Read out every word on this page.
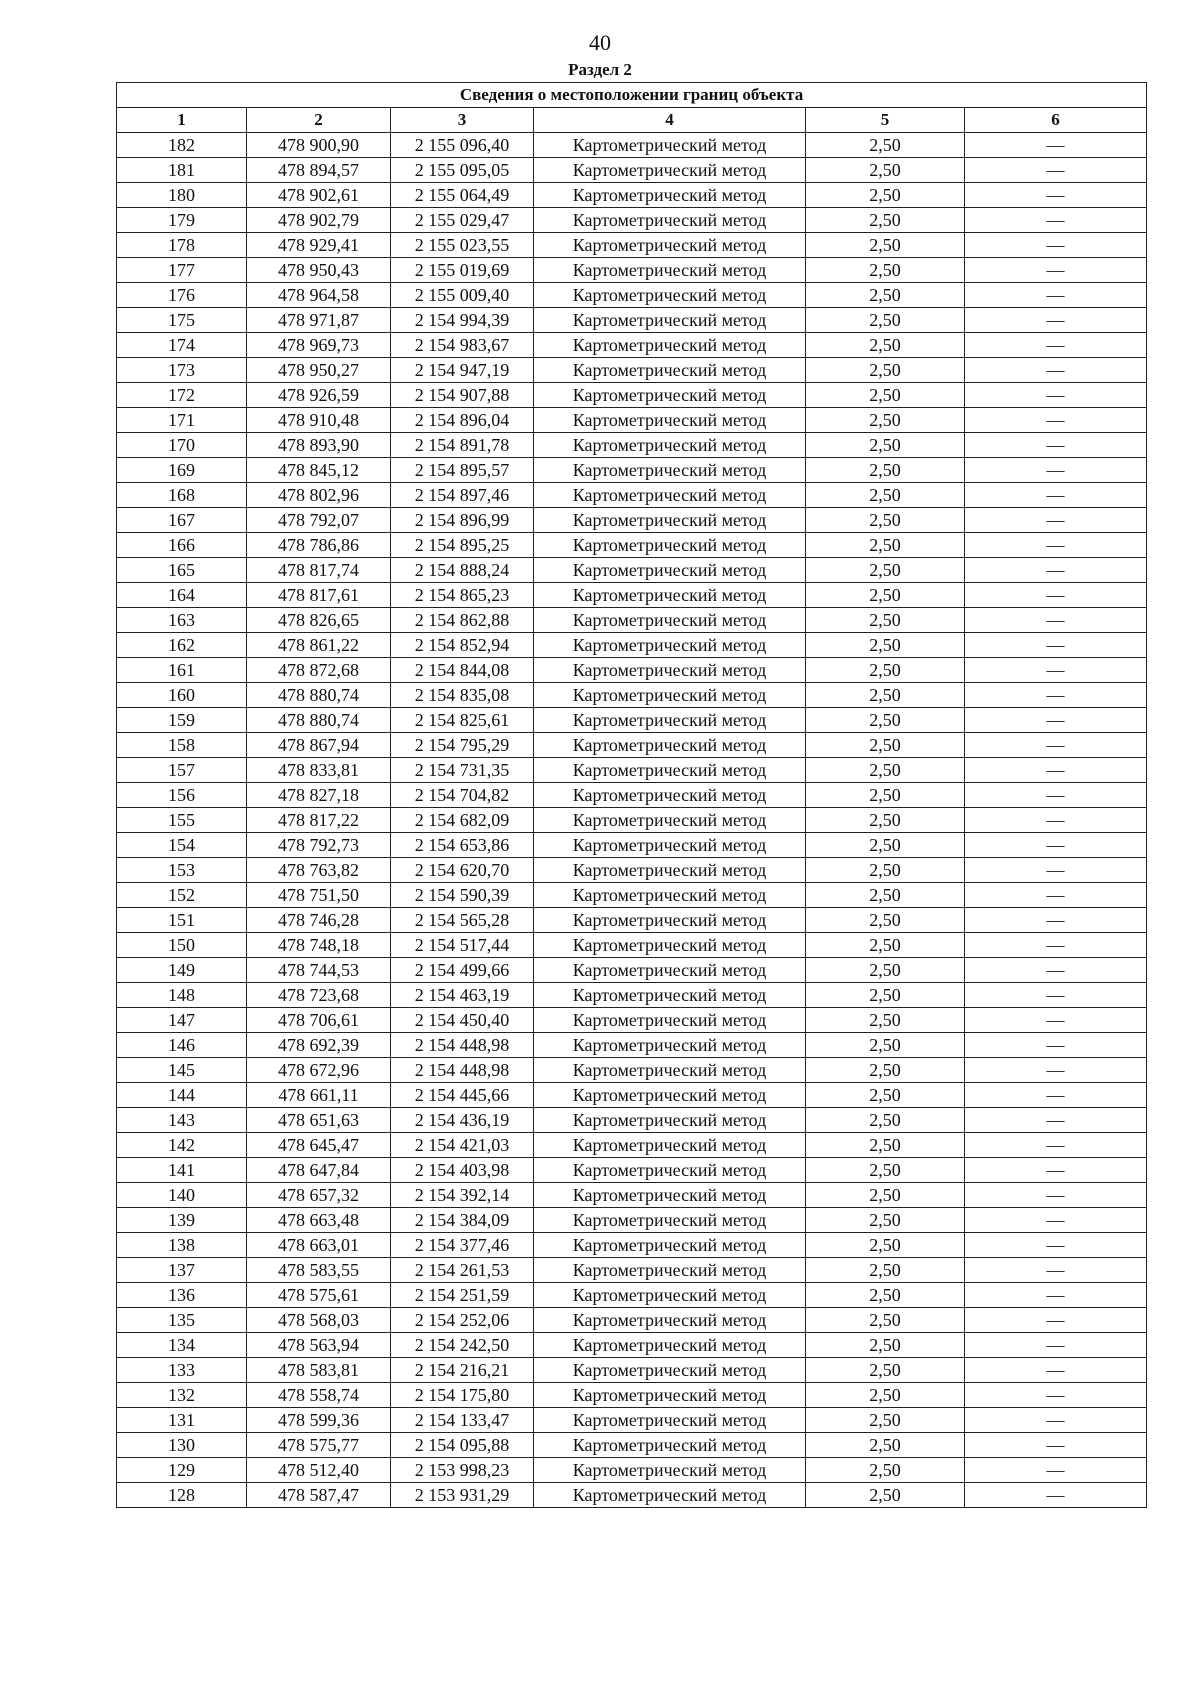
40
Раздел 2
Сведения о местоположении границ объекта					
1	2	3	4	5	6
182	478 900,90	2 155 096,40	Картометрический метод	2,50	—
181	478 894,57	2 155 095,05	Картометрический метод	2,50	—
180	478 902,61	2 155 064,49	Картометрический метод	2,50	—
179	478 902,79	2 155 029,47	Картометрический метод	2,50	—
178	478 929,41	2 155 023,55	Картометрический метод	2,50	—
177	478 950,43	2 155 019,69	Картометрический метод	2,50	—
176	478 964,58	2 155 009,40	Картометрический метод	2,50	—
175	478 971,87	2 154 994,39	Картометрический метод	2,50	—
174	478 969,73	2 154 983,67	Картометрический метод	2,50	—
173	478 950,27	2 154 947,19	Картометрический метод	2,50	—
172	478 926,59	2 154 907,88	Картометрический метод	2,50	—
171	478 910,48	2 154 896,04	Картометрический метод	2,50	—
170	478 893,90	2 154 891,78	Картометрический метод	2,50	—
169	478 845,12	2 154 895,57	Картометрический метод	2,50	—
168	478 802,96	2 154 897,46	Картометрический метод	2,50	—
167	478 792,07	2 154 896,99	Картометрический метод	2,50	—
166	478 786,86	2 154 895,25	Картометрический метод	2,50	—
165	478 817,74	2 154 888,24	Картометрический метод	2,50	—
164	478 817,61	2 154 865,23	Картометрический метод	2,50	—
163	478 826,65	2 154 862,88	Картометрический метод	2,50	—
162	478 861,22	2 154 852,94	Картометрический метод	2,50	—
161	478 872,68	2 154 844,08	Картометрический метод	2,50	—
160	478 880,74	2 154 835,08	Картометрический метод	2,50	—
159	478 880,74	2 154 825,61	Картометрический метод	2,50	—
158	478 867,94	2 154 795,29	Картометрический метод	2,50	—
157	478 833,81	2 154 731,35	Картометрический метод	2,50	—
156	478 827,18	2 154 704,82	Картометрический метод	2,50	—
155	478 817,22	2 154 682,09	Картометрический метод	2,50	—
154	478 792,73	2 154 653,86	Картометрический метод	2,50	—
153	478 763,82	2 154 620,70	Картометрический метод	2,50	—
152	478 751,50	2 154 590,39	Картометрический метод	2,50	—
151	478 746,28	2 154 565,28	Картометрический метод	2,50	—
150	478 748,18	2 154 517,44	Картометрический метод	2,50	—
149	478 744,53	2 154 499,66	Картометрический метод	2,50	—
148	478 723,68	2 154 463,19	Картометрический метод	2,50	—
147	478 706,61	2 154 450,40	Картометрический метод	2,50	—
146	478 692,39	2 154 448,98	Картометрический метод	2,50	—
145	478 672,96	2 154 448,98	Картометрический метод	2,50	—
144	478 661,11	2 154 445,66	Картометрический метод	2,50	—
143	478 651,63	2 154 436,19	Картометрический метод	2,50	—
142	478 645,47	2 154 421,03	Картометрический метод	2,50	—
141	478 647,84	2 154 403,98	Картометрический метод	2,50	—
140	478 657,32	2 154 392,14	Картометрический метод	2,50	—
139	478 663,48	2 154 384,09	Картометрический метод	2,50	—
138	478 663,01	2 154 377,46	Картометрический метод	2,50	—
137	478 583,55	2 154 261,53	Картометрический метод	2,50	—
136	478 575,61	2 154 251,59	Картометрический метод	2,50	—
135	478 568,03	2 154 252,06	Картометрический метод	2,50	—
134	478 563,94	2 154 242,50	Картометрический метод	2,50	—
133	478 583,81	2 154 216,21	Картометрический метод	2,50	—
132	478 558,74	2 154 175,80	Картометрический метод	2,50	—
131	478 599,36	2 154 133,47	Картометрический метод	2,50	—
130	478 575,77	2 154 095,88	Картометрический метод	2,50	—
129	478 512,40	2 153 998,23	Картометрический метод	2,50	—
128	478 587,47	2 153 931,29	Картометрический метод	2,50	—
